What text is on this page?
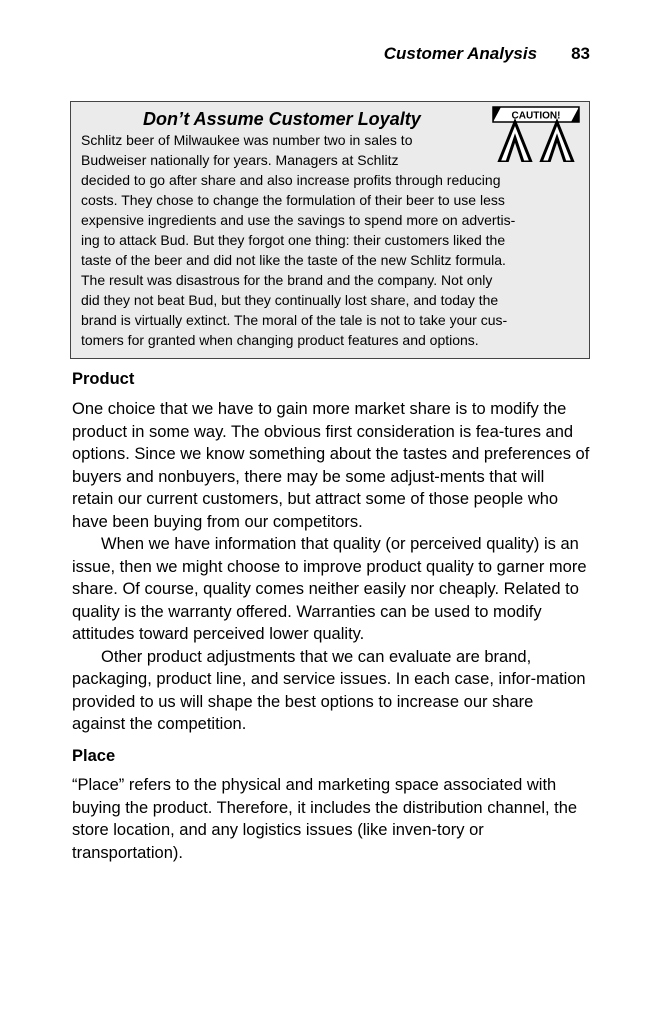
Customer Analysis 83
CAUTION!
Don’t Assume Customer Loyalty

Schlitz beer of Milwaukee was number two in sales to

Budweiser nationally for years. Managers at Schlitz

decided to go after share and also increase profits through reducing

costs. They chose to change the formulation of their beer to use less

expensive ingredients and use the savings to spend more on advertis-

ing to attack Bud. But they forgot one thing: their customers liked the

taste of the beer and did not like the taste of the new Schlitz formula.

The result was disastrous for the brand and the company. Not only

did they not beat Bud, but they continually lost share, and today the

brand is virtually extinct. The moral of the tale is not to take your cus-

tomers for granted when changing product features and options.

Product

One choice that we have to gain more market share is to modify the product in some way. The obvious first consideration is fea-tures and options. Since we know something about the tastes and preferences of buyers and nonbuyers, there may be some adjust-ments that will retain our current customers, but attract some of those people who have been buying from our competitors.

When we have information that quality (or perceived quality) is an issue, then we might choose to improve product quality to garner more share. Of course, quality comes neither easily nor cheaply. Related to quality is the warranty offered. Warranties can be used to modify attitudes toward perceived lower quality.

Other product adjustments that we can evaluate are brand, packaging, product line, and service issues. In each case, infor-mation provided to us will shape the best options to increase our share against the competition.

Place

“Place” refers to the physical and marketing space associated with buying the product. Therefore, it includes the distribution channel, the store location, and any logistics issues (like inven-tory or transportation).
